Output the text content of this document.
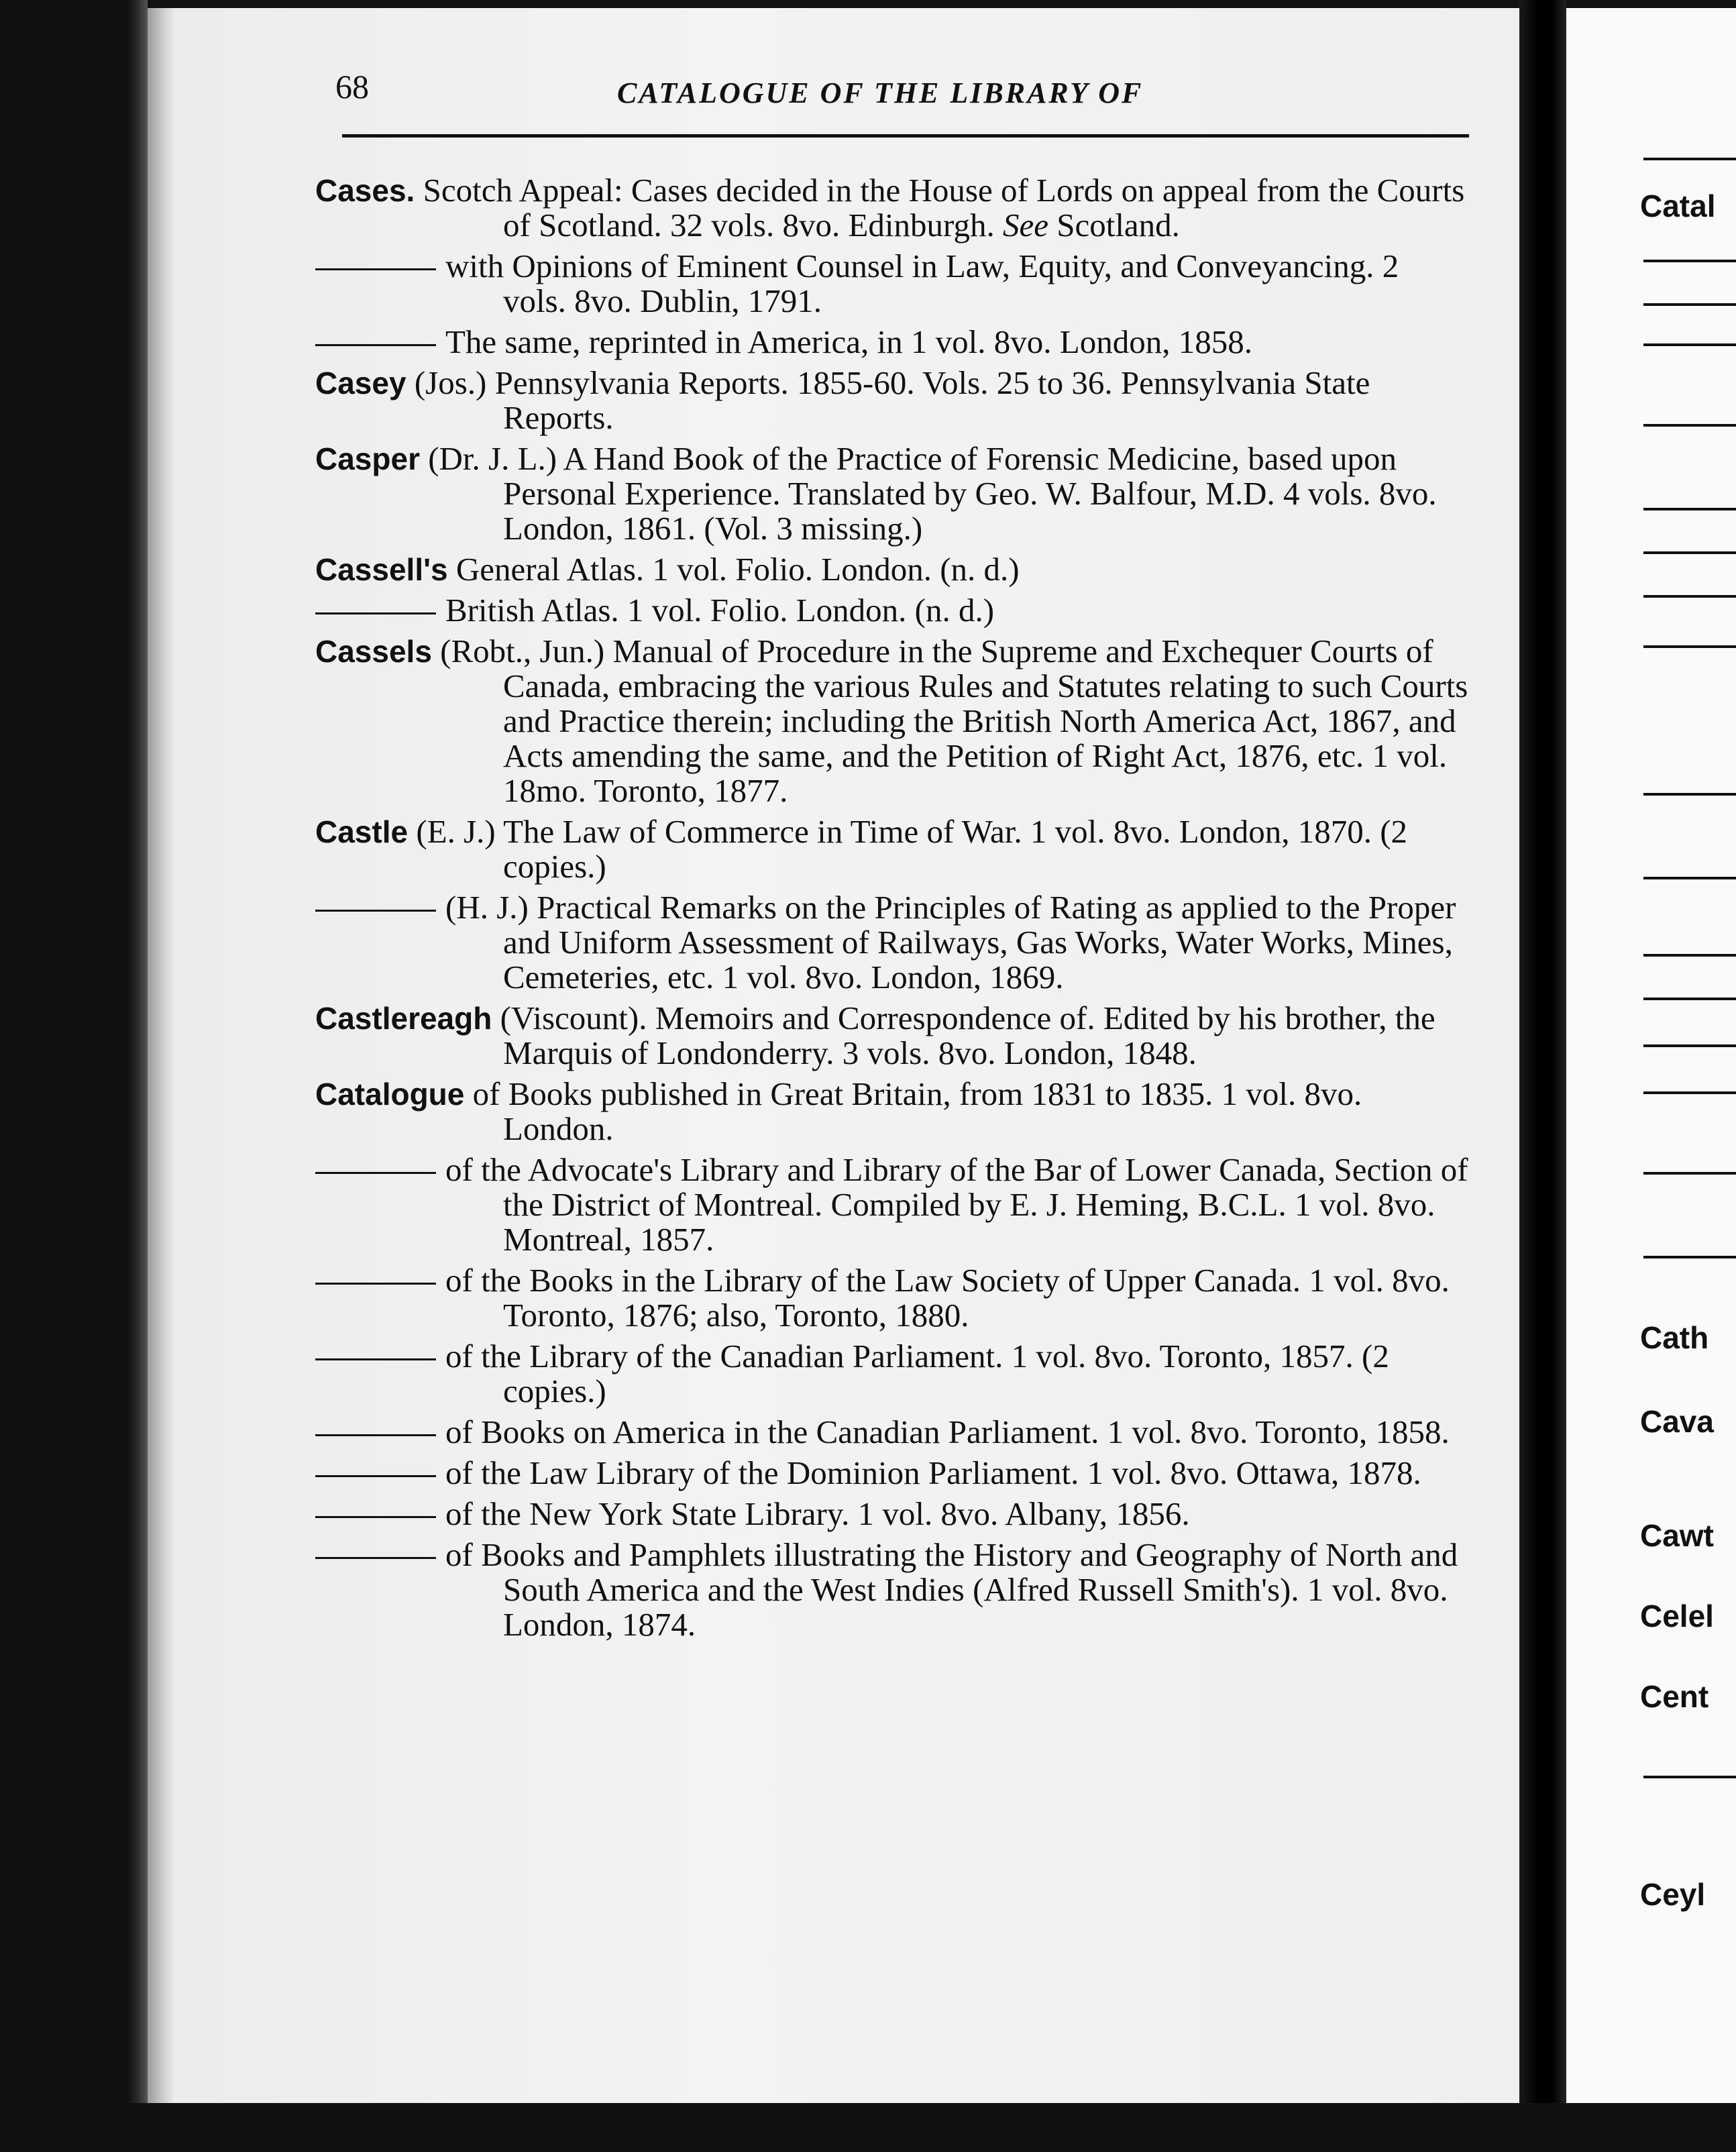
68	CATALOGUE OF THE LIBRARY OF
Cases. Scotch Appeal: Cases decided in the House of Lords on appeal from the Courts of Scotland. 32 vols. 8vo. Edinburgh. See Scotland.
with Opinions of Eminent Counsel in Law, Equity, and Conveyancing. 2 vols. 8vo. Dublin, 1791.
The same, reprinted in America, in 1 vol. 8vo. London, 1858.
Casey (Jos.) Pennsylvania Reports. 1855-60. Vols. 25 to 36. Pennsylvania State Reports.
Casper (Dr. J. L.) A Hand Book of the Practice of Forensic Medicine, based upon Personal Experience. Translated by Geo. W. Balfour, M.D. 4 vols. 8vo. London, 1861. (Vol. 3 missing.)
Cassell's General Atlas. 1 vol. Folio. London. (n. d.)
British Atlas. 1 vol. Folio. London. (n. d.)
Cassels (Robt., Jun.) Manual of Procedure in the Supreme and Exchequer Courts of Canada, embracing the various Rules and Statutes relating to such Courts and Practice therein; including the British North America Act, 1867, and Acts amending the same, and the Petition of Right Act, 1876, etc. 1 vol. 18mo. Toronto, 1877.
Castle (E. J.) The Law of Commerce in Time of War. 1 vol. 8vo. London, 1870. (2 copies.)
(H. J.) Practical Remarks on the Principles of Rating as applied to the Proper and Uniform Assessment of Railways, Gas Works, Water Works, Mines, Cemeteries, etc. 1 vol. 8vo. London, 1869.
Castlereagh (Viscount). Memoirs and Correspondence of. Edited by his brother, the Marquis of Londonderry. 3 vols. 8vo. London, 1848.
Catalogue of Books published in Great Britain, from 1831 to 1835. 1 vol. 8vo. London.
of the Advocate's Library and Library of the Bar of Lower Canada, Section of the District of Montreal. Compiled by E. J. Heming, B.C.L. 1 vol. 8vo. Montreal, 1857.
of the Books in the Library of the Law Society of Upper Canada. 1 vol. 8vo. Toronto, 1876; also, Toronto, 1880.
of the Library of the Canadian Parliament. 1 vol. 8vo. Toronto, 1857. (2 copies.)
of Books on America in the Canadian Parliament. 1 vol. 8vo. Toronto, 1858.
of the Law Library of the Dominion Parliament. 1 vol. 8vo. Ottawa, 1878.
of the New York State Library. 1 vol. 8vo. Albany, 1856.
of Books and Pamphlets illustrating the History and Geography of North and South America and the West Indies (Alfred Russell Smith's). 1 vol. 8vo. London, 1874.
Catal
Cath
Cava
Cawt
Celel
Cent
Ceyl
